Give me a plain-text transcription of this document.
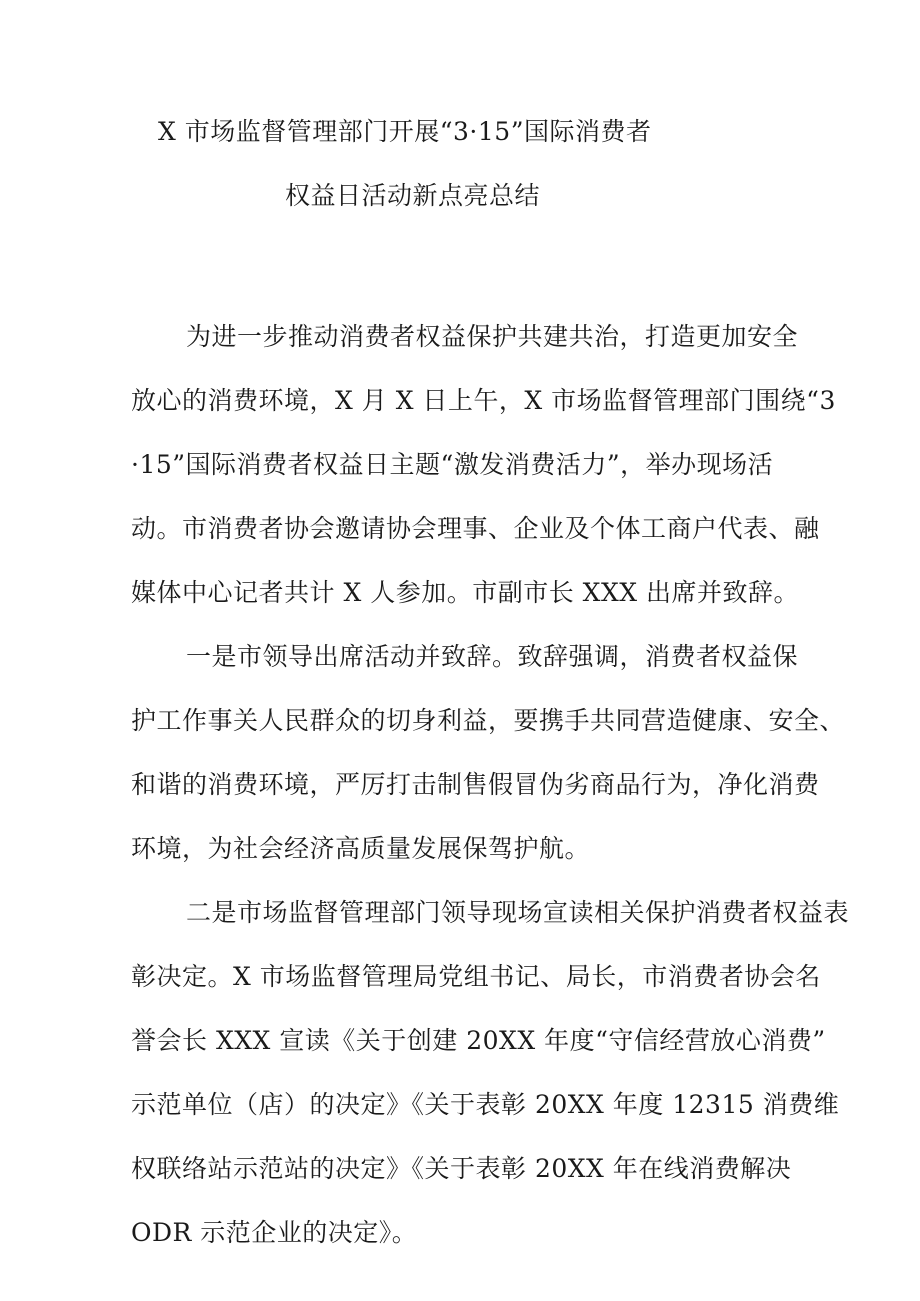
X 市场监督管理部门开展“3·15”国际消费者
权益日活动新点亮总结
为进一步推动消费者权益保护共建共治，打造更加安全
放心的消费环境，X 月 X 日上午，X 市场监督管理部门围绕“3
·15”国际消费者权益日主题“激发消费活力”，举办现场活
动。市消费者协会邀请协会理事、企业及个体工商户代表、融
媒体中心记者共计 X 人参加。市副市长 XXX 出席并致辞。
一是市领导出席活动并致辞。致辞强调，消费者权益保
护工作事关人民群众的切身利益，要携手共同营造健康、安全、
和谐的消费环境，严厉打击制售假冒伪劣商品行为，净化消费
环境，为社会经济高质量发展保驾护航。
二是市场监督管理部门领导现场宣读相关保护消费者权益表
彰决定。X 市场监督管理局党组书记、局长，市消费者协会名
誉会长 XXX 宣读《关于创建 20XX 年度“守信经营放心消费”
示范单位（店）的决定》《关于表彰 20XX 年度 12315 消费维
权联络站示范站的决定》《关于表彰 20XX 年在线消费解决
ODR 示范企业的决定》。
